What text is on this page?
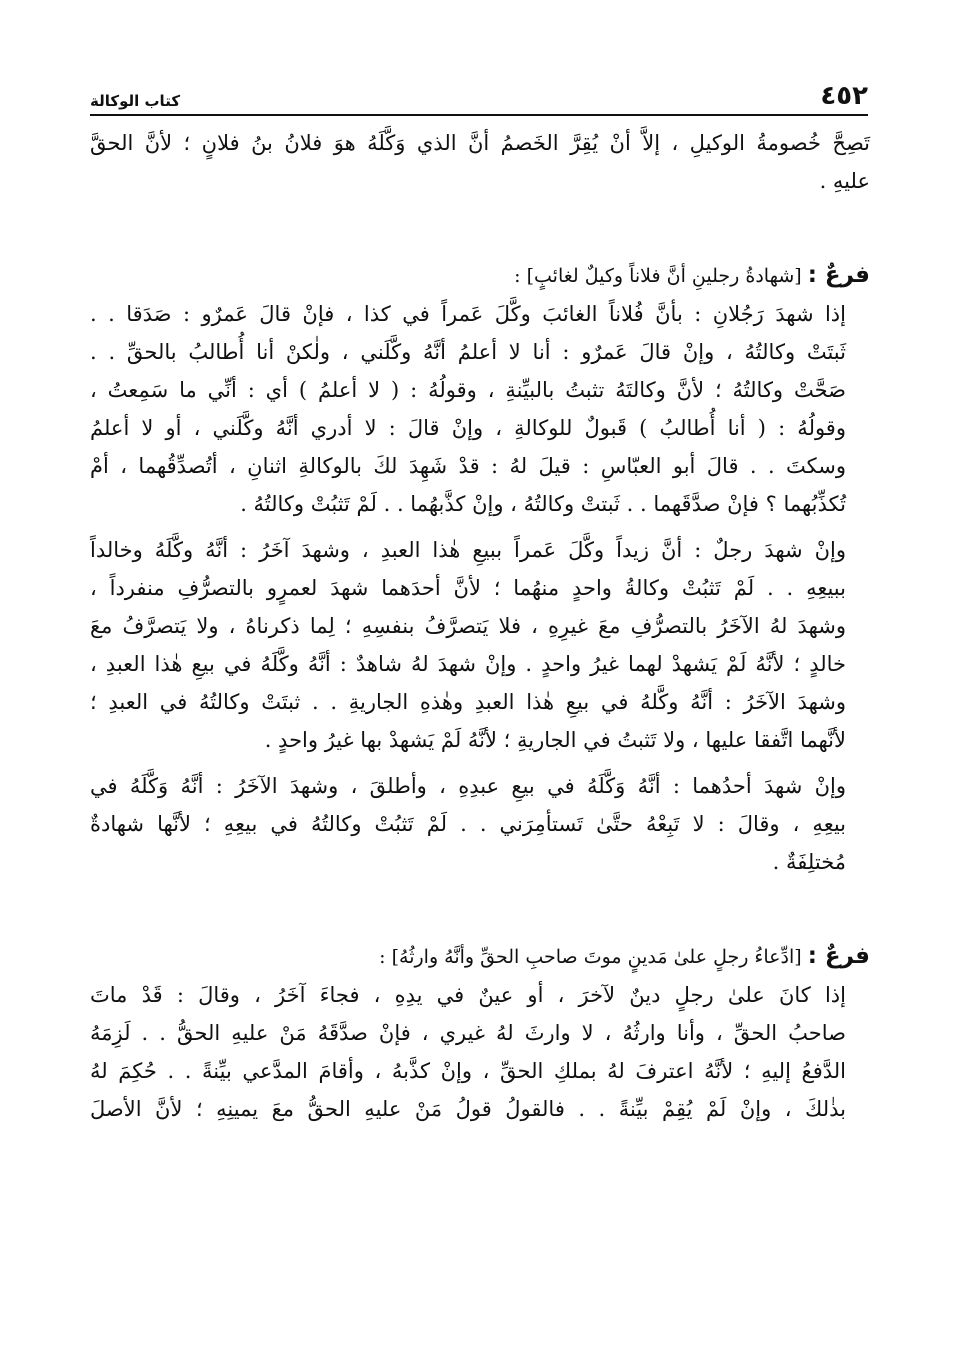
٤٥٢
كتاب الوكالة

تَصِحَّ خُصومةُ الوكيلِ ، إلاَّ أنْ يُقِرَّ الخَصمُ أنَّ الذي وَكَّلَهُ هوَ فلانُ بنُ فلانٍ ؛ لأنَّ الحقَّ
عليهِ .

فرعٌ : [شهادةُ رجلينِ أنَّ فلاناً وكيلٌ لغائبٍ] :

إذا شهدَ رَجُلانِ : بأنَّ فُلاناً الغائبَ وكَّلَ عَمراً في كذا ، فإنْ قالَ عَمرٌو : صَدَقا . .
ثَبتَتْ وكالتُهُ ، وإنْ قالَ عَمرٌو : أنا لا أعلمُ أنَّهُ وكَّلَني ، ولٰكنْ أنا أُطالبُ بالحقِّ . .
صَحَّتْ وكالتُهُ ؛ لأنَّ وكالتَهُ تثبتُ بالبيِّنةِ ، وقولُهُ : ( لا أعلمُ ) أي : أنِّي ما سَمِعتُ ،
وقولُهُ : ( أنا أُطالبُ ) قَبولٌ للوكالةِ ، وإنْ قالَ : لا أدري أنَّهُ وكَّلَني ، أو لا أعلمُ
وسكتَ . . قالَ أبو العبّاسِ : قيلَ لهُ : قدْ شَهِدَ لكَ بالوكالةِ اثنانِ ، أتُصدِّقُهما ، أمْ
تُكذِّبُهما ؟ فإنْ صدَّقَهما . . ثَبتتْ وكالتُهُ ، وإنْ كذَّبهُما . . لَمْ تَثبُتْ وكالتُهُ .

وإنْ شهدَ رجلٌ : أنَّ زيداً وكَّلَ عَمراً ببيعِ هٰذا العبدِ ، وشهدَ آخَرُ : أنَّهُ وكَّلَهُ وخالداً
ببيعِهِ . . لَمْ تَثبُتْ وكالةُ واحدٍ منهُما ؛ لأنَّ أحدَهما شهدَ لعمرٍو بالتصرُّفِ منفرداً ،
وشهدَ لهُ الآخَرُ بالتصرُّفِ معَ غيرِهِ ، فلا يَتصرَّفُ بنفسِهِ ؛ لِما ذكرناهُ ، ولا يَتصرَّفُ معَ
خالدٍ ؛ لأنَّهُ لَمْ يَشهدْ لهما غيرُ واحدٍ . وإنْ شهدَ لهُ شاهدٌ : أنَّهُ وكَّلَهُ في بيعِ هٰذا العبدِ ،
وشهدَ الآخَرُ : أنَّهُ وكَّلهُ في بيعِ هٰذا العبدِ وهٰذهِ الجاريةِ . . ثبتَتْ وكالتُهُ في العبدِ ؛
لأنَّهما اتَّفقا عليها ، ولا تَثبتُ في الجاريةِ ؛ لأنَّهُ لَمْ يَشهدْ بها غيرُ واحدٍ .

وإنْ شهدَ أحدُهما : أنَّهُ وَكَّلَهُ في بيعِ عبدِهِ ، وأطلقَ ، وشهدَ الآخَرُ : أنَّهُ وَكَّلَهُ في
بيعِهِ ، وقالَ : لا تَبِعْهُ حتَّىٰ تَستأمِرَني . . لَمْ تَثبُتْ وكالتُهُ في بيعِهِ ؛ لأنَّها شهادةٌ
مُختلِفَةٌ .

فرعٌ : [ادِّعاءُ رجلٍ علىٰ مَدينٍ موتَ صاحبِ الحقِّ وأنَّهُ وارثُهُ] :

إذا كانَ علىٰ رجلٍ دينٌ لآخرَ ، أو عينٌ في يدِهِ ، فجاءَ آخَرُ ، وقالَ : قَدْ ماتَ
صاحبُ الحقِّ ، وأنا وارثُهُ ، لا وارثَ لهُ غيري ، فإنْ صدَّقَهُ مَنْ عليهِ الحقُّ . . لَزِمَهُ
الدَّفعُ إليهِ ؛ لأنَّهُ اعترفَ لهُ بملكِ الحقِّ ، وإنْ كذَّبهُ ، وأقامَ المدَّعي بيِّنةً . . حُكِمَ لهُ
بذٰلكَ ، وإنْ لَمْ يُقِمْ بيِّنةً . . فالقولُ قولُ مَنْ عليهِ الحقُّ معَ يمينِهِ ؛ لأنَّ الأصلَ
